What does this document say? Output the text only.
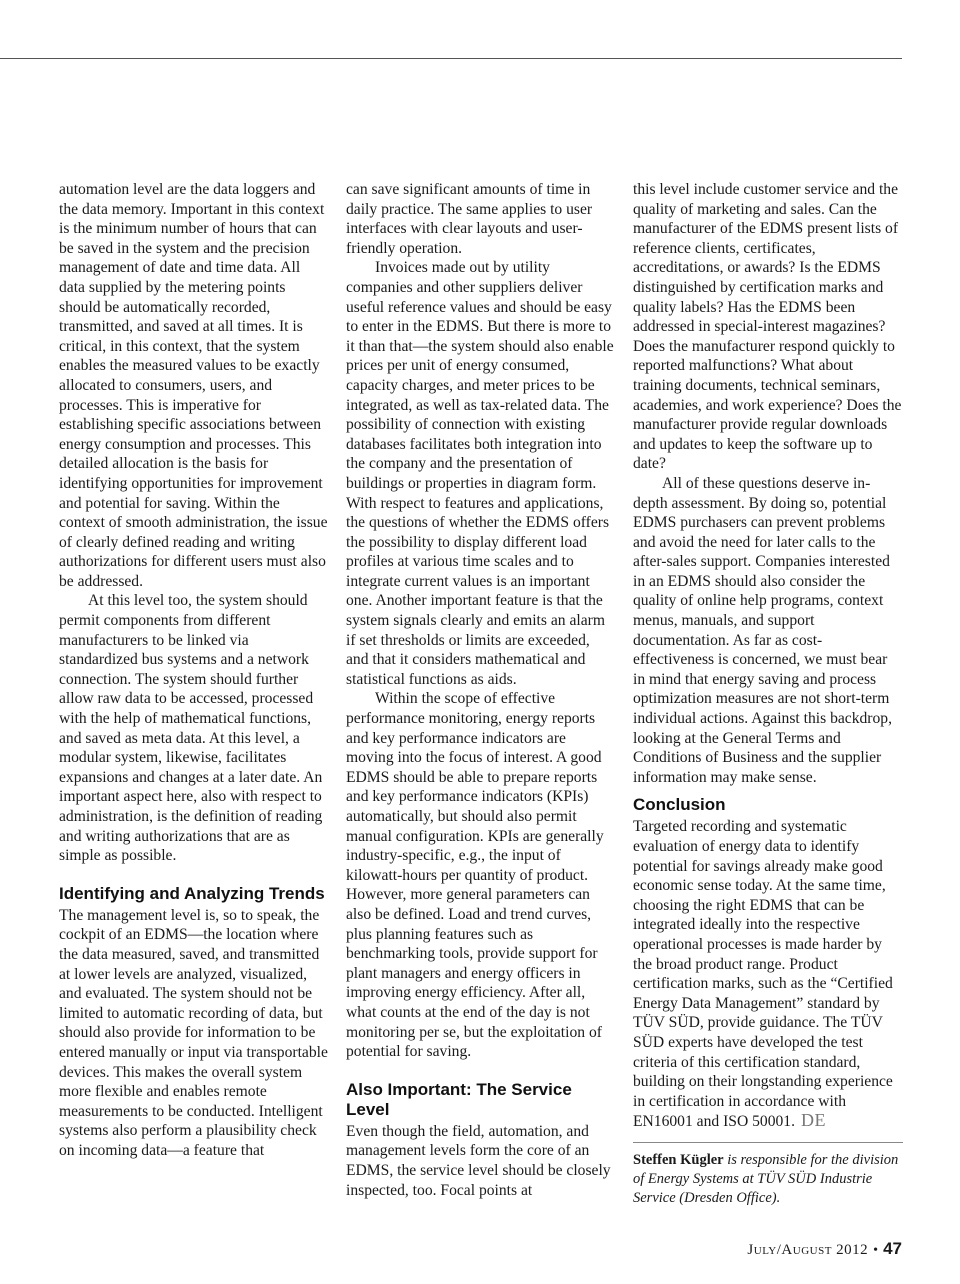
automation level are the data loggers and the data memory. Important in this context is the minimum number of hours that can be saved in the system and the precision management of date and time data. All data supplied by the metering points should be automatically recorded, transmitted, and saved at all times. It is critical, in this context, that the system enables the measured values to be exactly allocated to consumers, users, and processes. This is imperative for establishing specific associations between energy consumption and processes. This detailed allocation is the basis for identifying opportunities for improvement and potential for saving. Within the context of smooth administration, the issue of clearly defined reading and writing authorizations for different users must also be addressed.

At this level too, the system should permit components from different manufacturers to be linked via standardized bus systems and a network connection. The system should further allow raw data to be accessed, processed with the help of mathematical functions, and saved as meta data. At this level, a modular system, likewise, facilitates expansions and changes at a later date. An important aspect here, also with respect to administration, is the definition of reading and writing authorizations that are as simple as possible.

Identifying and Analyzing Trends

The management level is, so to speak, the cockpit of an EDMS—the location where the data measured, saved, and transmitted at lower levels are analyzed, visualized, and evaluated. The system should not be limited to automatic recording of data, but should also provide for information to be entered manually or input via transportable devices. This makes the overall system more flexible and enables remote measurements to be conducted. Intelligent systems also perform a plausibility check on incoming data—a feature that

can save significant amounts of time in daily practice. The same applies to user interfaces with clear layouts and user-friendly operation.

Invoices made out by utility companies and other suppliers deliver useful reference values and should be easy to enter in the EDMS. But there is more to it than that—the system should also enable prices per unit of energy consumed, capacity charges, and meter prices to be integrated, as well as tax-related data. The possibility of connection with existing databases facilitates both integration into the company and the presentation of buildings or properties in diagram form. With respect to features and applications, the questions of whether the EDMS offers the possibility to display different load profiles at various time scales and to integrate current values is an important one. Another important feature is that the system signals clearly and emits an alarm if set thresholds or limits are exceeded, and that it considers mathematical and statistical functions as aids.

Within the scope of effective performance monitoring, energy reports and key performance indicators are moving into the focus of interest. A good EDMS should be able to prepare reports and key performance indicators (KPIs) automatically, but should also permit manual configuration. KPIs are generally industry-specific, e.g., the input of kilowatt-hours per quantity of product. However, more general parameters can also be defined. Load and trend curves, plus planning features such as benchmarking tools, provide support for plant managers and energy officers in improving energy efficiency. After all, what counts at the end of the day is not monitoring per se, but the exploitation of potential for saving.

Also Important: The Service Level

Even though the field, automation, and management levels form the core of an EDMS, the service level should be closely inspected, too. Focal points at

this level include customer service and the quality of marketing and sales. Can the manufacturer of the EDMS present lists of reference clients, certificates, accreditations, or awards? Is the EDMS distinguished by certification marks and quality labels? Has the EDMS been addressed in special-interest magazines? Does the manufacturer respond quickly to reported malfunctions? What about training documents, technical seminars, academies, and work experience? Does the manufacturer provide regular downloads and updates to keep the software up to date?

All of these questions deserve in-depth assessment. By doing so, potential EDMS purchasers can prevent problems and avoid the need for later calls to the after-sales support. Companies interested in an EDMS should also consider the quality of online help programs, context menus, manuals, and support documentation. As far as cost-effectiveness is concerned, we must bear in mind that energy saving and process optimization measures are not short-term individual actions. Against this backdrop, looking at the General Terms and Conditions of Business and the supplier information may make sense.

Conclusion

Targeted recording and systematic evaluation of energy data to identify potential for savings already make good economic sense today. At the same time, choosing the right EDMS that can be integrated ideally into the respective operational processes is made harder by the broad product range. Product certification marks, such as the “Certified Energy Data Management” standard by TÜV SÜD, provide guidance. The TÜV SÜD experts have developed the test criteria of this certification standard, building on their longstanding experience in certification in accordance with EN16001 and ISO 50001. DE

Steffen Kügler is responsible for the division of Energy Systems at TÜV SÜD Industrie Service (Dresden Office).
July/August 2012 • 47
